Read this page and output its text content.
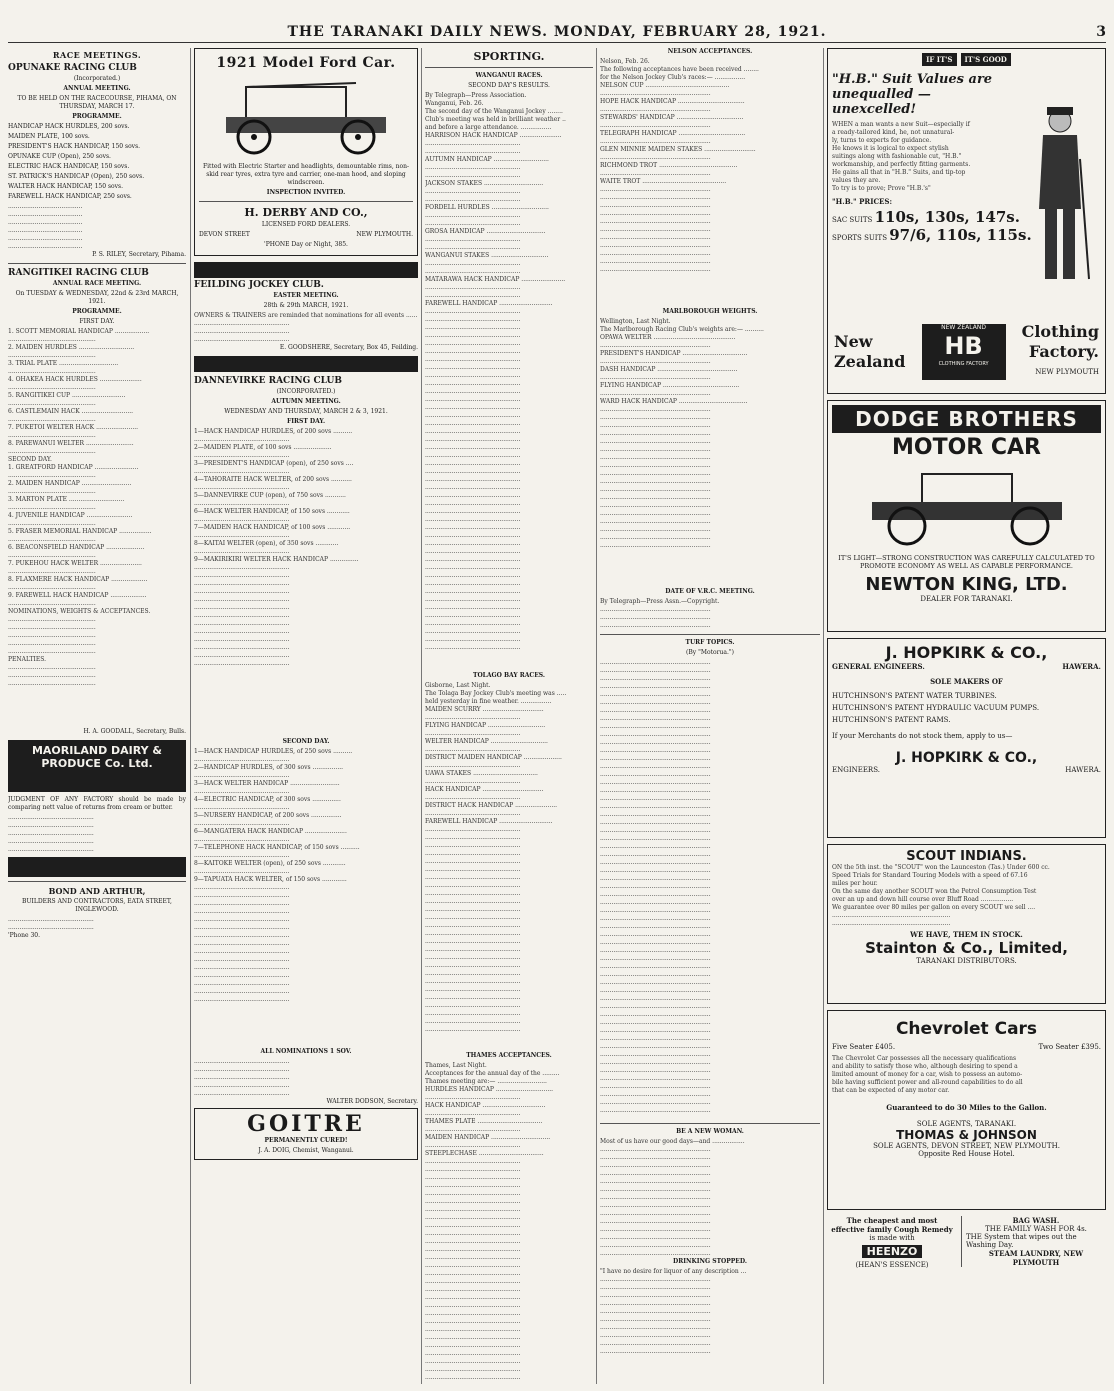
THE TARANAKI DAILY NEWS. MONDAY, FEBRUARY 28, 1921.	3
RACE MEETINGS.
OPUNAKE RACING CLUB
(Incorporated.)
ANNUAL MEETING.
TO BE HELD ON THE RACECOURSE, PIHAMA, ON THURSDAY, MARCH 17.
PROGRAMME.
HANDICAP HACK HURDLES, 200 sovs.
MAIDEN PLATE, 100 sovs.
PRESIDENT'S HACK HANDICAP, 150 sovs.
OPUNAKE CUP (Open), 250 sovs.
ELECTRIC HACK HANDICAP, 150 sovs.
ST. PATRICK'S HANDICAP (Open), 250 sovs.
WALTER HACK HANDICAP, 150 sovs.
FAREWELL HACK HANDICAP, 250 sovs.
.......................................
.......................................
.......................................
.......................................
.......................................
.......................................
P. S. RILEY, Secretary, Pihama.
RANGITIKEI RACING CLUB
ANNUAL RACE MEETING.
On TUESDAY & WEDNESDAY, 22nd & 23rd MARCH, 1921.
PROGRAMME.
FIRST DAY.
1. SCOTT MEMORIAL HANDICAP ..................
..............................................
2. MAIDEN HURDLES .............................
..............................................
3. TRIAL PLATE ...............................
..............................................
4. OHAKEA HACK HURDLES ......................
..............................................
5. RANGITIKEI CUP ............................
..............................................
6. CASTLEMAIN HACK ...........................
..............................................
7. PUKETOI WELTER HACK ......................
..............................................
8. PAREWANUI WELTER .........................
..............................................
SECOND DAY.
1. GREATFORD HANDICAP .......................
..............................................
2. MAIDEN HANDICAP ..........................
..............................................
3. MARTON PLATE .............................
..............................................
4. JUVENILE HANDICAP ........................
..............................................
5. FRASER MEMORIAL HANDICAP .................
..............................................
6. BEACONSFIELD HANDICAP ....................
..............................................
7. PUKEHOU HACK WELTER ......................
..............................................
8. FLAXMERE HACK HANDICAP ...................
..............................................
9. FAREWELL HACK HANDICAP ...................
..............................................
NOMINATIONS, WEIGHTS & ACCEPTANCES.
..............................................
..............................................
..............................................
..............................................
..............................................
PENALTIES.
..............................................
..............................................
..............................................
H. A. GOODALL, Secretary, Bulls.
MAORILAND DAIRY & PRODUCE Co. Ltd.
JUDGMENT OF ANY FACTORY should be made by comparing nett value of returns from cream or butter.
.............................................
.............................................
.............................................
.............................................
.............................................
BOND AND ARTHUR,
BUILDERS AND CONTRACTORS, EATA STREET, INGLEWOOD.
.............................................
.............................................
'Phone 30.
1921 Model Ford Car.
Fitted with Electric Starter and headlights, demountable rims, non-skid rear tyres, extra tyre and carrier, one-man hood, and sloping windscreen.
INSPECTION INVITED.
H. DERBY AND CO.,
LICENSED FORD DEALERS.
DEVON STREET	NEW PLYMOUTH.
'PHONE Day or Night, 385.
FEILDING JOCKEY CLUB.
EASTER MEETING.
28th & 29th MARCH, 1921.
OWNERS & TRAINERS are reminded that nominations for all events ......
..................................................
..................................................
..................................................
E. GOODSHERE, Secretary, Box 45, Feilding.
DANNEVIRKE RACING CLUB
(INCORPORATED.)
AUTUMN MEETING.
WEDNESDAY AND THURSDAY, MARCH 2 & 3, 1921.
FIRST DAY.
1—HACK HANDICAP HURDLES, of 200 sovs ..........
..................................................
2—MAIDEN PLATE, of 100 sovs ....................
..................................................
3—PRESIDENT'S HANDICAP (open), of 250 sovs ....
..................................................
4—TAHORAITE HACK WELTER, of 200 sovs ...........
..................................................
5—DANNEVIRKE CUP (open), of 750 sovs ...........
..................................................
6—HACK WELTER HANDICAP, of 150 sovs ............
..................................................
7—MAIDEN HACK HANDICAP, of 100 sovs ............
..................................................
8—KAITAI WELTER (open), of 350 sovs ............
..................................................
9—MAKIRIKIRI WELTER HACK HANDICAP ...............
..................................................
..................................................
..................................................
..................................................
..................................................
..................................................
..................................................
..................................................
..................................................
..................................................
..................................................
..................................................
..................................................
SECOND DAY.
1—HACK HANDICAP HURDLES, of 250 sovs ..........
..................................................
2—HANDICAP HURDLES, of 300 sovs ................
..................................................
3—HACK WELTER HANDICAP ..........................
..................................................
4—ELECTRIC HANDICAP, of 300 sovs ...............
..................................................
5—NURSERY HANDICAP, of 200 sovs ................
..................................................
6—MANGATERA HACK HANDICAP ......................
..................................................
7—TELEPHONE HACK HANDICAP, of 150 sovs ..........
..................................................
8—KAITOKE WELTER (open), of 250 sovs ............
..................................................
9—TAPUATA HACK WELTER, of 150 sovs .............
..................................................
..................................................
..................................................
..................................................
..................................................
..................................................
..................................................
..................................................
..................................................
..................................................
..................................................
..................................................
..................................................
..................................................
..................................................
ALL NOMINATIONS 1 SOV.
..................................................
..................................................
..................................................
..................................................
..................................................
WALTER DODSON, Secretary.
GOITRE
PERMANENTLY CURED!
J. A. DOIG, Chemist, Wanganui.
SPORTING.
WANGANUI RACES.
SECOND DAY'S RESULTS.
By Telegraph—Press Association.
Wanganui, Feb. 26.
The second day of the Wanganui Jockey ........
Club's meeting was held in brilliant weather ..
and before a large attendance. ................
HARRISON HACK HANDICAP ......................
..................................................
..................................................
AUTUMN HANDICAP .............................
..................................................
..................................................
JACKSON STAKES ...............................
..................................................
..................................................
FORDELL HURDLES ..............................
..................................................
..................................................
GROSA HANDICAP ...............................
..................................................
..................................................
WANGANUI STAKES ..............................
..................................................
..................................................
MATARAWA HACK HANDICAP .......................
..................................................
..................................................
FAREWELL HANDICAP ............................
..................................................
..................................................
..................................................
..................................................
..................................................
..................................................
..................................................
..................................................
..................................................
..................................................
..................................................
..................................................
..................................................
..................................................
..................................................
..................................................
..................................................
..................................................
..................................................
..................................................
..................................................
..................................................
..................................................
..................................................
..................................................
..................................................
..................................................
..................................................
..................................................
..................................................
..................................................
..................................................
..................................................
..................................................
..................................................
..................................................
..................................................
..................................................
..................................................
..................................................
..................................................
..................................................
..................................................
TOLAGO BAY RACES.
Gisborne, Last Night.
The Tolaga Bay Jockey Club's meeting was .....
held yesterday in fine weather. ................
MAIDEN SCURRY ................................
..................................................
FLYING HANDICAP ..............................
..................................................
WELTER HANDICAP ..............................
..................................................
DISTRICT MAIDEN HANDICAP ....................
..................................................
UAWA STAKES ..................................
..................................................
HACK HANDICAP ................................
..................................................
DISTRICT HACK HANDICAP ......................
..................................................
FAREWELL HANDICAP ............................
..................................................
..................................................
..................................................
..................................................
..................................................
..................................................
..................................................
..................................................
..................................................
..................................................
..................................................
..................................................
..................................................
..................................................
..................................................
..................................................
..................................................
..................................................
..................................................
..................................................
..................................................
..................................................
..................................................
..................................................
..................................................
..................................................
THAMES ACCEPTANCES.
Thames, Last Night.
Acceptances for the annual day of the .........
Thames meeting are:— ..........................
HURDLES HANDICAP ..............................
..................................................
HACK HANDICAP .................................
..................................................
THAMES PLATE ..................................
..................................................
MAIDEN HANDICAP ...............................
..................................................
STEEPLECHASE ..................................
..................................................
..................................................
..................................................
..................................................
..................................................
..................................................
..................................................
..................................................
..................................................
..................................................
..................................................
..................................................
..................................................
..................................................
..................................................
..................................................
..................................................
..................................................
..................................................
..................................................
..................................................
..................................................
..................................................
..................................................
..................................................
..................................................
..................................................
..................................................
NELSON ACCEPTANCES.
Nelson, Feb. 26.
The following acceptances have been received ........
for the Nelson Jockey Club's races:— ................
NELSON CUP ............................................
..........................................................
HOPE HACK HANDICAP ...................................
..........................................................
STEWARDS' HANDICAP ...................................
..........................................................
TELEGRAPH HANDICAP ...................................
..........................................................
GLEN MINNIE MAIDEN STAKES ...........................
..........................................................
RICHMOND TROT .........................................
..........................................................
WAITE TROT ............................................
..........................................................
..........................................................
..........................................................
..........................................................
..........................................................
..........................................................
..........................................................
..........................................................
..........................................................
..........................................................
..........................................................
MARLBOROUGH WEIGHTS.
Wellington, Last Night.
The Marlborough Racing Club's weights are:— ..........
OPAWA WELTER ...........................................
..........................................................
PRESIDENT'S HANDICAP ..................................
..........................................................
DASH HANDICAP ..........................................
..........................................................
FLYING HANDICAP ........................................
..........................................................
WARD HACK HANDICAP ....................................
..........................................................
..........................................................
..........................................................
..........................................................
..........................................................
..........................................................
..........................................................
..........................................................
..........................................................
..........................................................
..........................................................
..........................................................
..........................................................
..........................................................
..........................................................
..........................................................
..........................................................
..........................................................
DATE OF V.R.C. MEETING.
By Telegraph—Press Assn.—Copyright.
..........................................................
..........................................................
..........................................................
TURF TOPICS.
(By "Motorua.")
..........................................................
..........................................................
..........................................................
..........................................................
..........................................................
..........................................................
..........................................................
..........................................................
..........................................................
..........................................................
..........................................................
..........................................................
..........................................................
..........................................................
..........................................................
..........................................................
..........................................................
..........................................................
..........................................................
..........................................................
..........................................................
..........................................................
..........................................................
..........................................................
..........................................................
..........................................................
..........................................................
..........................................................
..........................................................
..........................................................
..........................................................
..........................................................
..........................................................
..........................................................
..........................................................
..........................................................
..........................................................
..........................................................
..........................................................
..........................................................
..........................................................
..........................................................
..........................................................
..........................................................
..........................................................
..........................................................
..........................................................
..........................................................
..........................................................
..........................................................
..........................................................
..........................................................
..........................................................
..........................................................
..........................................................
..........................................................
..........................................................
BE A NEW WOMAN.
Most of us have our good days—and .................
..........................................................
..........................................................
..........................................................
..........................................................
..........................................................
..........................................................
..........................................................
..........................................................
..........................................................
..........................................................
..........................................................
..........................................................
..........................................................
..........................................................
DRINKING STOPPED.
"I have no desire for liquor of any description ...
..........................................................
..........................................................
..........................................................
..........................................................
..........................................................
..........................................................
..........................................................
..........................................................
..........................................................
..........................................................
IF IT'S	IT'S GOOD
"H.B." Suit Values are unequalled —unexcelled!
WHEN a man wants a new Suit—especially if
a ready-tailored kind, he, not unnatural-
ly, turns to experts for guidance.
He knows it is logical to expect stylish
suitings along with fashionable cut, "H.B."
workmanship, and perfectly fitting garments.
He gains all that in "H.B." Suits, and tip-top
values they are.
To try is to prove; Prove "H.B.'s"
"H.B." PRICES:
SAC SUITS 110s, 130s, 147s.
SPORTS SUITS 97/6, 110s, 115s.
New
Zealand
NEW ZEALAND
HB
CLOTHING FACTORY
Clothing
Factory.
NEW PLYMOUTH
DODGE BROTHERS
MOTOR CAR
IT'S LIGHT—STRONG CONSTRUCTION WAS CAREFULLY CALCULATED TO PROMOTE ECONOMY AS WELL AS CAPABLE PERFORMANCE.
NEWTON KING, LTD.
DEALER FOR TARANAKI.
J. HOPKIRK & CO.,
GENERAL ENGINEERS.	HAWERA.
SOLE MAKERS OF
HUTCHINSON'S PATENT WATER TURBINES.
HUTCHINSON'S PATENT HYDRAULIC VACUUM PUMPS.
HUTCHINSON'S PATENT RAMS.
If your Merchants do not stock them, apply to us—
J. HOPKIRK & CO.,
ENGINEERS.	HAWERA.
SCOUT INDIANS.
ON the 5th inst. the "SCOUT" won the Launceston (Tas.) Under 600 cc.
Speed Trials for Standard Touring Models with a speed of 67.16
miles per hour.
On the same day another SCOUT won the Petrol Consumption Test
over an up and down hill course over Bluff Road .................
We guarantee over 80 miles per gallon on every SCOUT we sell ....
..............................................................
..............................................................
WE HAVE, THEM IN STOCK.
Stainton & Co., Limited,
TARANAKI DISTRIBUTORS.
Chevrolet Cars
Five Seater £405.	Two Seater £395.
The Chevrolet Car possesses all the necessary qualifications
and ability to satisfy those who, although desiring to spend a
limited amount of money for a car, wish to possess an automo-
bile having sufficient power and all-round capabilities to do all
that can be expected of any motor car.
Guaranteed to do 30 Miles to the Gallon.
SOLE AGENTS, TARANAKI.
THOMAS & JOHNSON
SOLE AGENTS, DEVON STREET, NEW PLYMOUTH.
Opposite Red House Hotel.
The cheapest and most
effective family Cough Remedy
is made with
HEENZO
(HEAN'S ESSENCE)
BAG WASH.
THE FAMILY WASH FOR 4s.
THE System that wipes out the Washing Day.
STEAM LAUNDRY, NEW PLYMOUTH
